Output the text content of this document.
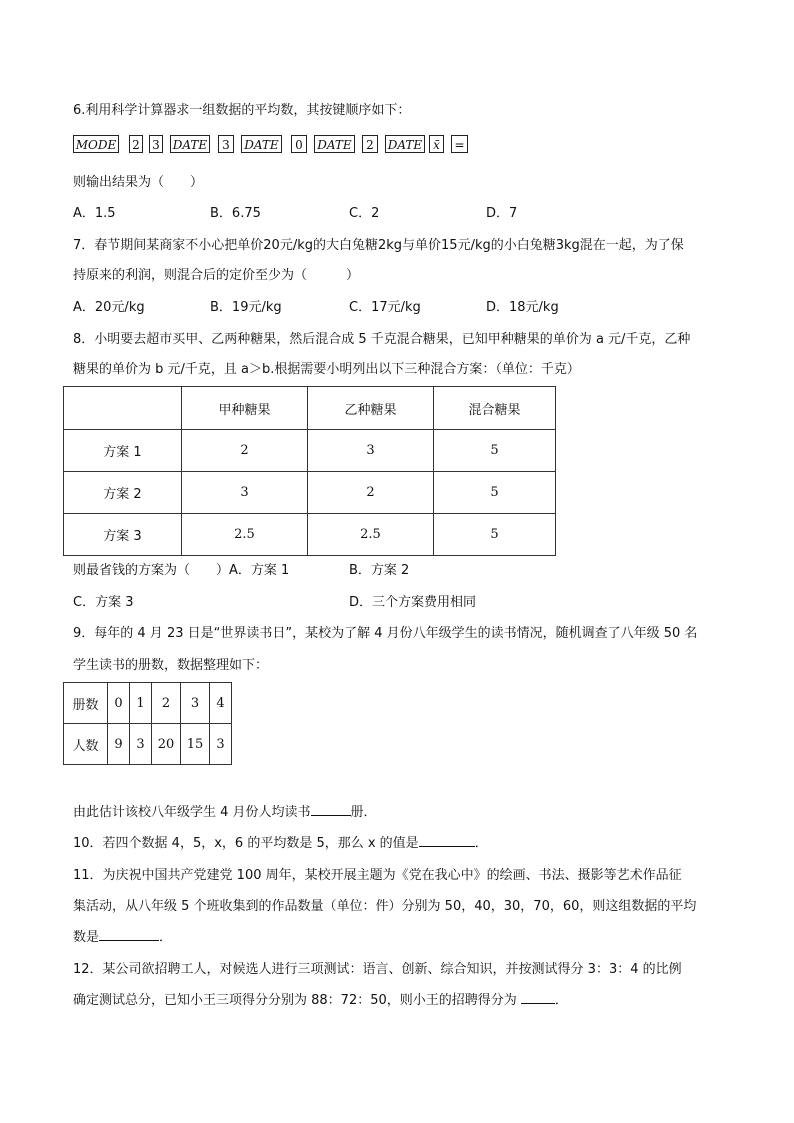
6.利用科学计算器求一组数据的平均数，其按键顺序如下：
MODE 2 3 DATE	3	DATE	0	DATE	2	DATE x̄	=
则输出结果为（　　）
A．1.5	B．6.75	C．2	D．7
7．春节期间某商家不小心把单价20元/kg的大白兔糖2kg与单价15元/kg的小白兔糖3kg混在一起，为了保
持原来的利润，则混合后的定价至少为（　　　）
A．20元/kg	B．19元/kg	C．17元/kg	D．18元/kg
8．小明要去超市买甲、乙两种糖果，然后混合成 5 千克混合糖果，已知甲种糖果的单价为 a 元/千克，乙种
糖果的单价为 b 元/千克，且 a＞b.根据需要小明列出以下三种混合方案：（单位：千克）
	甲种糖果	乙种糖果	混合糖果
方案 1	2	3	5
方案 2	3	2	5
方案 3	2.5	2.5	5
则最省钱的方案为（　　）A．方案 1	B．方案 2
C．方案 3	D．三个方案费用相同
9．每年的 4 月 23 日是“世界读书日”，某校为了解 4 月份八年级学生的读书情况，随机调查了八年级 50 名
学生读书的册数，数据整理如下：
册数	0	1	2	3	4
人数	9	3	20	15	3
由此估计该校八年级学生 4 月份人均读书	册．
10．若四个数据 4，5，x，6 的平均数是 5，那么 x 的值是	．
11．为庆祝中国共产党建党 100 周年，某校开展主题为《党在我心中》的绘画、书法、摄影等艺术作品征
集活动，从八年级 5 个班收集到的作品数量（单位：件）分别为 50，40，30，70，60，则这组数据的平均
数是	．
12．某公司欲招聘工人，对候选人进行三项测试：语言、创新、综合知识，并按测试得分 3：3：4 的比例
确定测试总分，已知小王三项得分分别为 88：72：50，则小王的招聘得分为	．
